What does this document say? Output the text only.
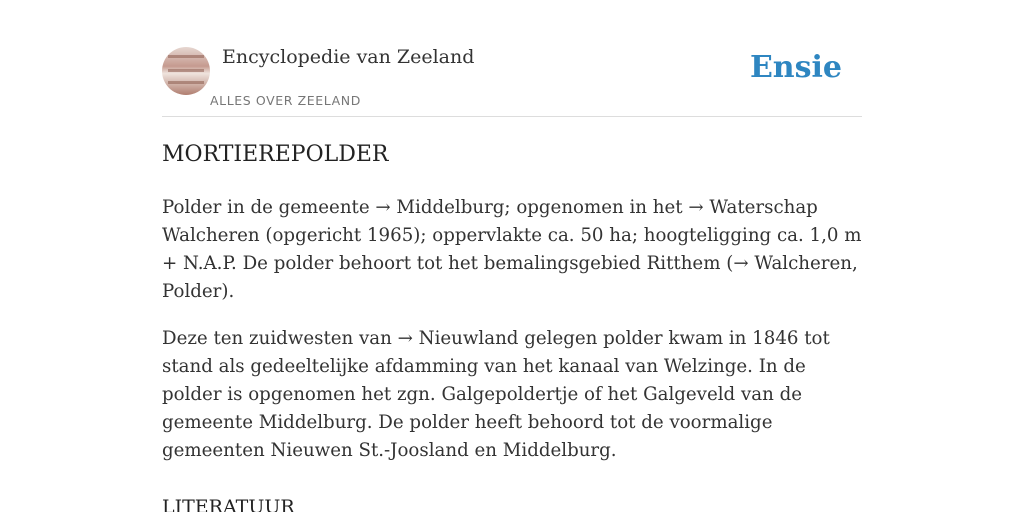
Encyclopedie van Zeeland
ALLES OVER ZEELAND
Ensie
MORTIEREPOLDER

Polder in de gemeente → Middelburg; opgenomen in het → Waterschap Walcheren (opgericht 1965); oppervlakte ca. 50 ha; hoogteligging ca. 1,0 m + N.A.P. De polder behoort tot het bemalingsgebied Ritthem (→ Walcheren, Polder).

Deze ten zuidwesten van → Nieuwland gelegen polder kwam in 1846 tot stand als gedeeltelijke afdamming van het kanaal van Welzinge. In de polder is opgenomen het zgn. Galgepoldertje of het Galgeveld van de gemeente Middelburg. De polder heeft behoord tot de voormalige gemeenten Nieuwen St.-Joosland en Middelburg.

LITERATUUR
